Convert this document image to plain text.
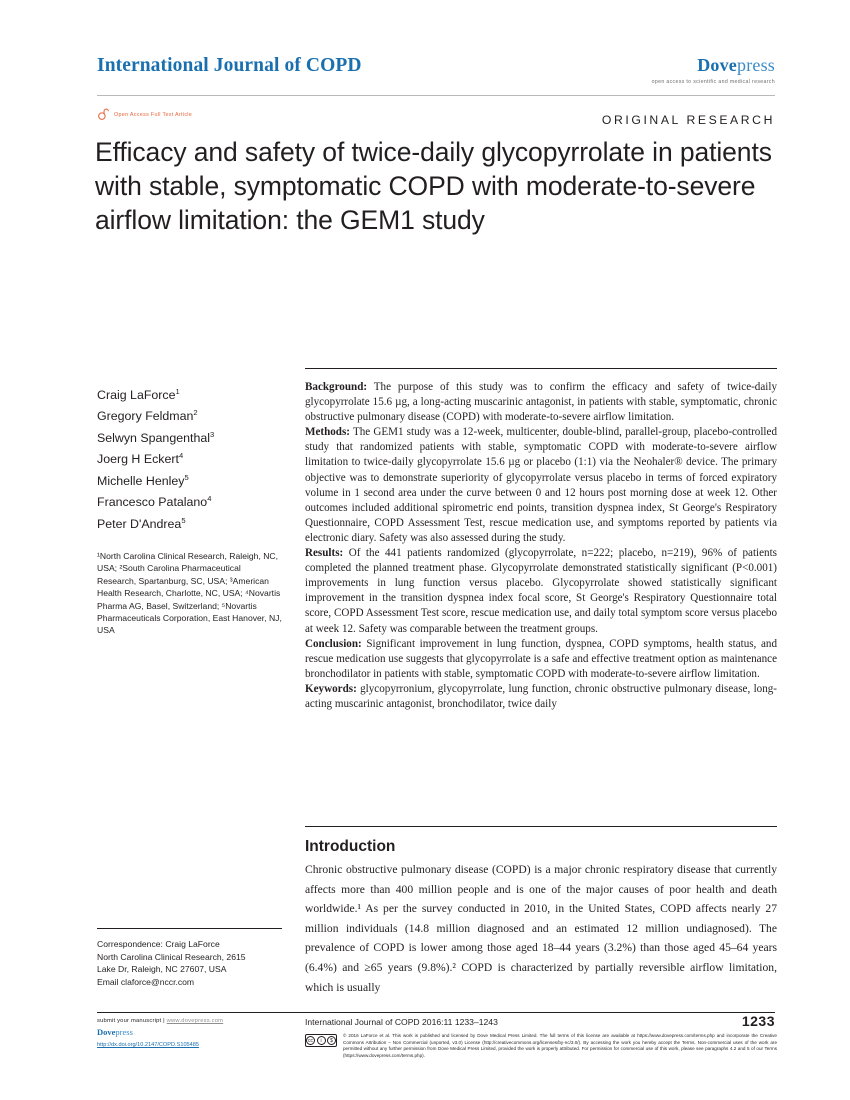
International Journal of COPD	Dovepress
open access to scientific and medical research
Open Access Full Text Article	ORIGINAL RESEARCH
Efficacy and safety of twice-daily glycopyrrolate in patients with stable, symptomatic COPD with moderate-to-severe airflow limitation: the GEM1 study
Craig LaForce$^1$
Gregory Feldman$^2$
Selwyn Spangenthal$^3$
Joerg H Eckert$^4$
Michelle Henley$^5$
Francesco Patalano$^4$
Peter D'Andrea$^5$
¹North Carolina Clinical Research, Raleigh, NC, USA; ²South Carolina Pharmaceutical Research, Spartanburg, SC, USA; ³American Health Research, Charlotte, NC, USA; ⁴Novartis Pharma AG, Basel, Switzerland; ⁵Novartis Pharmaceuticals Corporation, East Hanover, NJ, USA
Correspondence: Craig LaForce
North Carolina Clinical Research, 2615
Lake Dr, Raleigh, NC 27607, USA
Email claforce@nccr.com

Background: The purpose of this study was to confirm the efficacy and safety of twice-daily glycopyrrolate 15.6 µg, a long-acting muscarinic antagonist, in patients with stable, symptomatic, chronic obstructive pulmonary disease (COPD) with moderate-to-severe airflow limitation.

Methods: The GEM1 study was a 12-week, multicenter, double-blind, parallel-group, placebo-controlled study that randomized patients with stable, symptomatic COPD with moderate-to-severe airflow limitation to twice-daily glycopyrrolate 15.6 µg or placebo (1:1) via the Neohaler® device. The primary objective was to demonstrate superiority of glycopyrrolate versus placebo in terms of forced expiratory volume in 1 second area under the curve between 0 and 12 hours post morning dose at week 12. Other outcomes included additional spirometric end points, transition dyspnea index, St George's Respiratory Questionnaire, COPD Assessment Test, rescue medication use, and symptoms reported by patients via electronic diary. Safety was also assessed during the study.

Results: Of the 441 patients randomized (glycopyrrolate, n=222; placebo, n=219), 96% of patients completed the planned treatment phase. Glycopyrrolate demonstrated statistically significant (P<0.001) improvements in lung function versus placebo. Glycopyrrolate showed statistically significant improvement in the transition dyspnea index focal score, St George's Respiratory Questionnaire total score, COPD Assessment Test score, rescue medication use, and daily total symptom score versus placebo at week 12. Safety was comparable between the treatment groups.

Conclusion: Significant improvement in lung function, dyspnea, COPD symptoms, health status, and rescue medication use suggests that glycopyrrolate is a safe and effective treatment option as maintenance bronchodilator in patients with stable, symptomatic COPD with moderate-to-severe airflow limitation.

Keywords: glycopyrronium, glycopyrrolate, lung function, chronic obstructive pulmonary disease, long-acting muscarinic antagonist, bronchodilator, twice daily

Introduction
Chronic obstructive pulmonary disease (COPD) is a major chronic respiratory disease that currently affects more than 400 million people and is one of the major causes of poor health and death worldwide.¹ As per the survey conducted in 2010, in the United States, COPD affects nearly 27 million individuals (14.8 million diagnosed and an estimated 12 million undiagnosed). The prevalence of COPD is lower among those aged 18–44 years (3.2%) than those aged 45–64 years (6.4%) and ≥65 years (9.8%).² COPD is characterized by partially reversible airflow limitation, which is usually
submit your manuscript | www.dovepress.com
Dovepress
http://dx.doi.org/10.2147/COPD.S105485
International Journal of COPD 2016:11 1233–1243	1233
cc	i	$
© 2016 LaForce et al. This work is published and licensed by Dove Medical Press Limited. The full terms of this license are available at https://www.dovepress.com/terms.php and incorporate the Creative Commons Attribution – Non Commercial (unported, v3.0) License (http://creativecommons.org/licenses/by-nc/3.0/). By accessing the work you hereby accept the Terms. Non-commercial uses of the work are permitted without any further permission from Dove Medical Press Limited, provided the work is properly attributed. For permission for commercial use of this work, please see paragraphs 4.2 and 5 of our Terms (https://www.dovepress.com/terms.php).
